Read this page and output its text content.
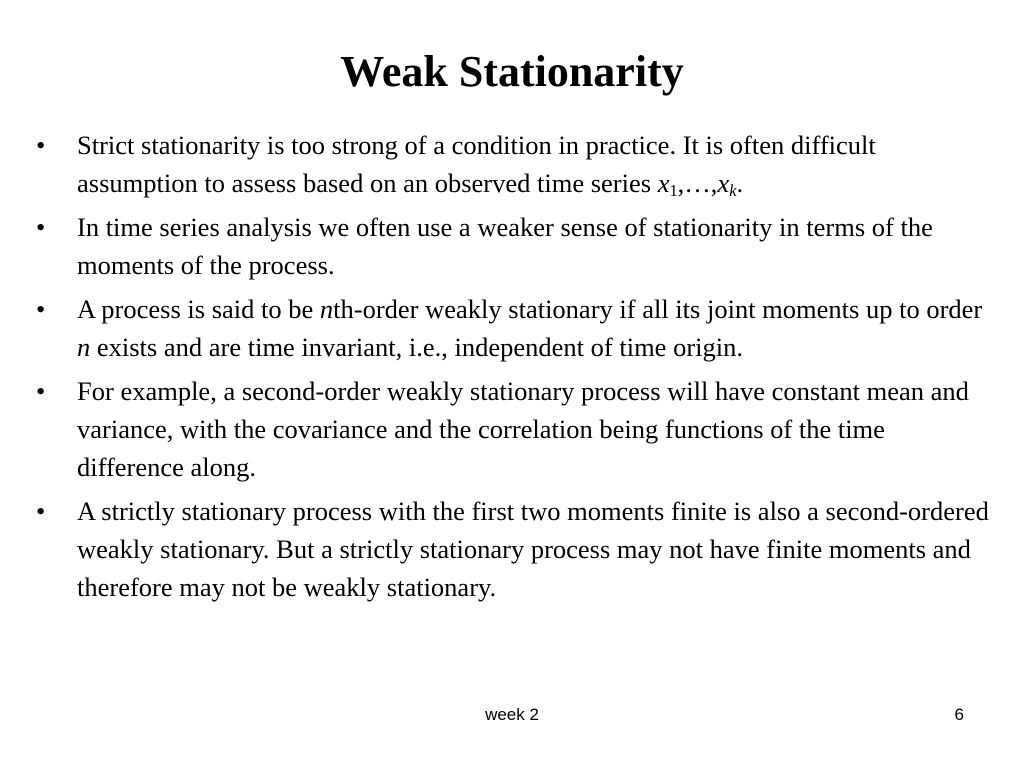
Weak Stationarity
•	Strict stationarity is too strong of a condition in practice. It is often difficult assumption to assess based on an observed time series $x_1,\dots,x_k$.
•	In time series analysis we often use a weaker sense of stationarity in terms of the moments of the process.
•	A process is said to be nth-order weakly stationary if all its joint moments up to order n exists and are time invariant, i.e., independent of time origin.
•	For example, a second-order weakly stationary process will have constant mean and variance, with the covariance and the correlation being functions of the time difference along.
•	A strictly stationary process with the first two moments finite is also a second-ordered weakly stationary. But a strictly stationary process may not have finite moments and therefore may not be weakly stationary.
week 2	6
